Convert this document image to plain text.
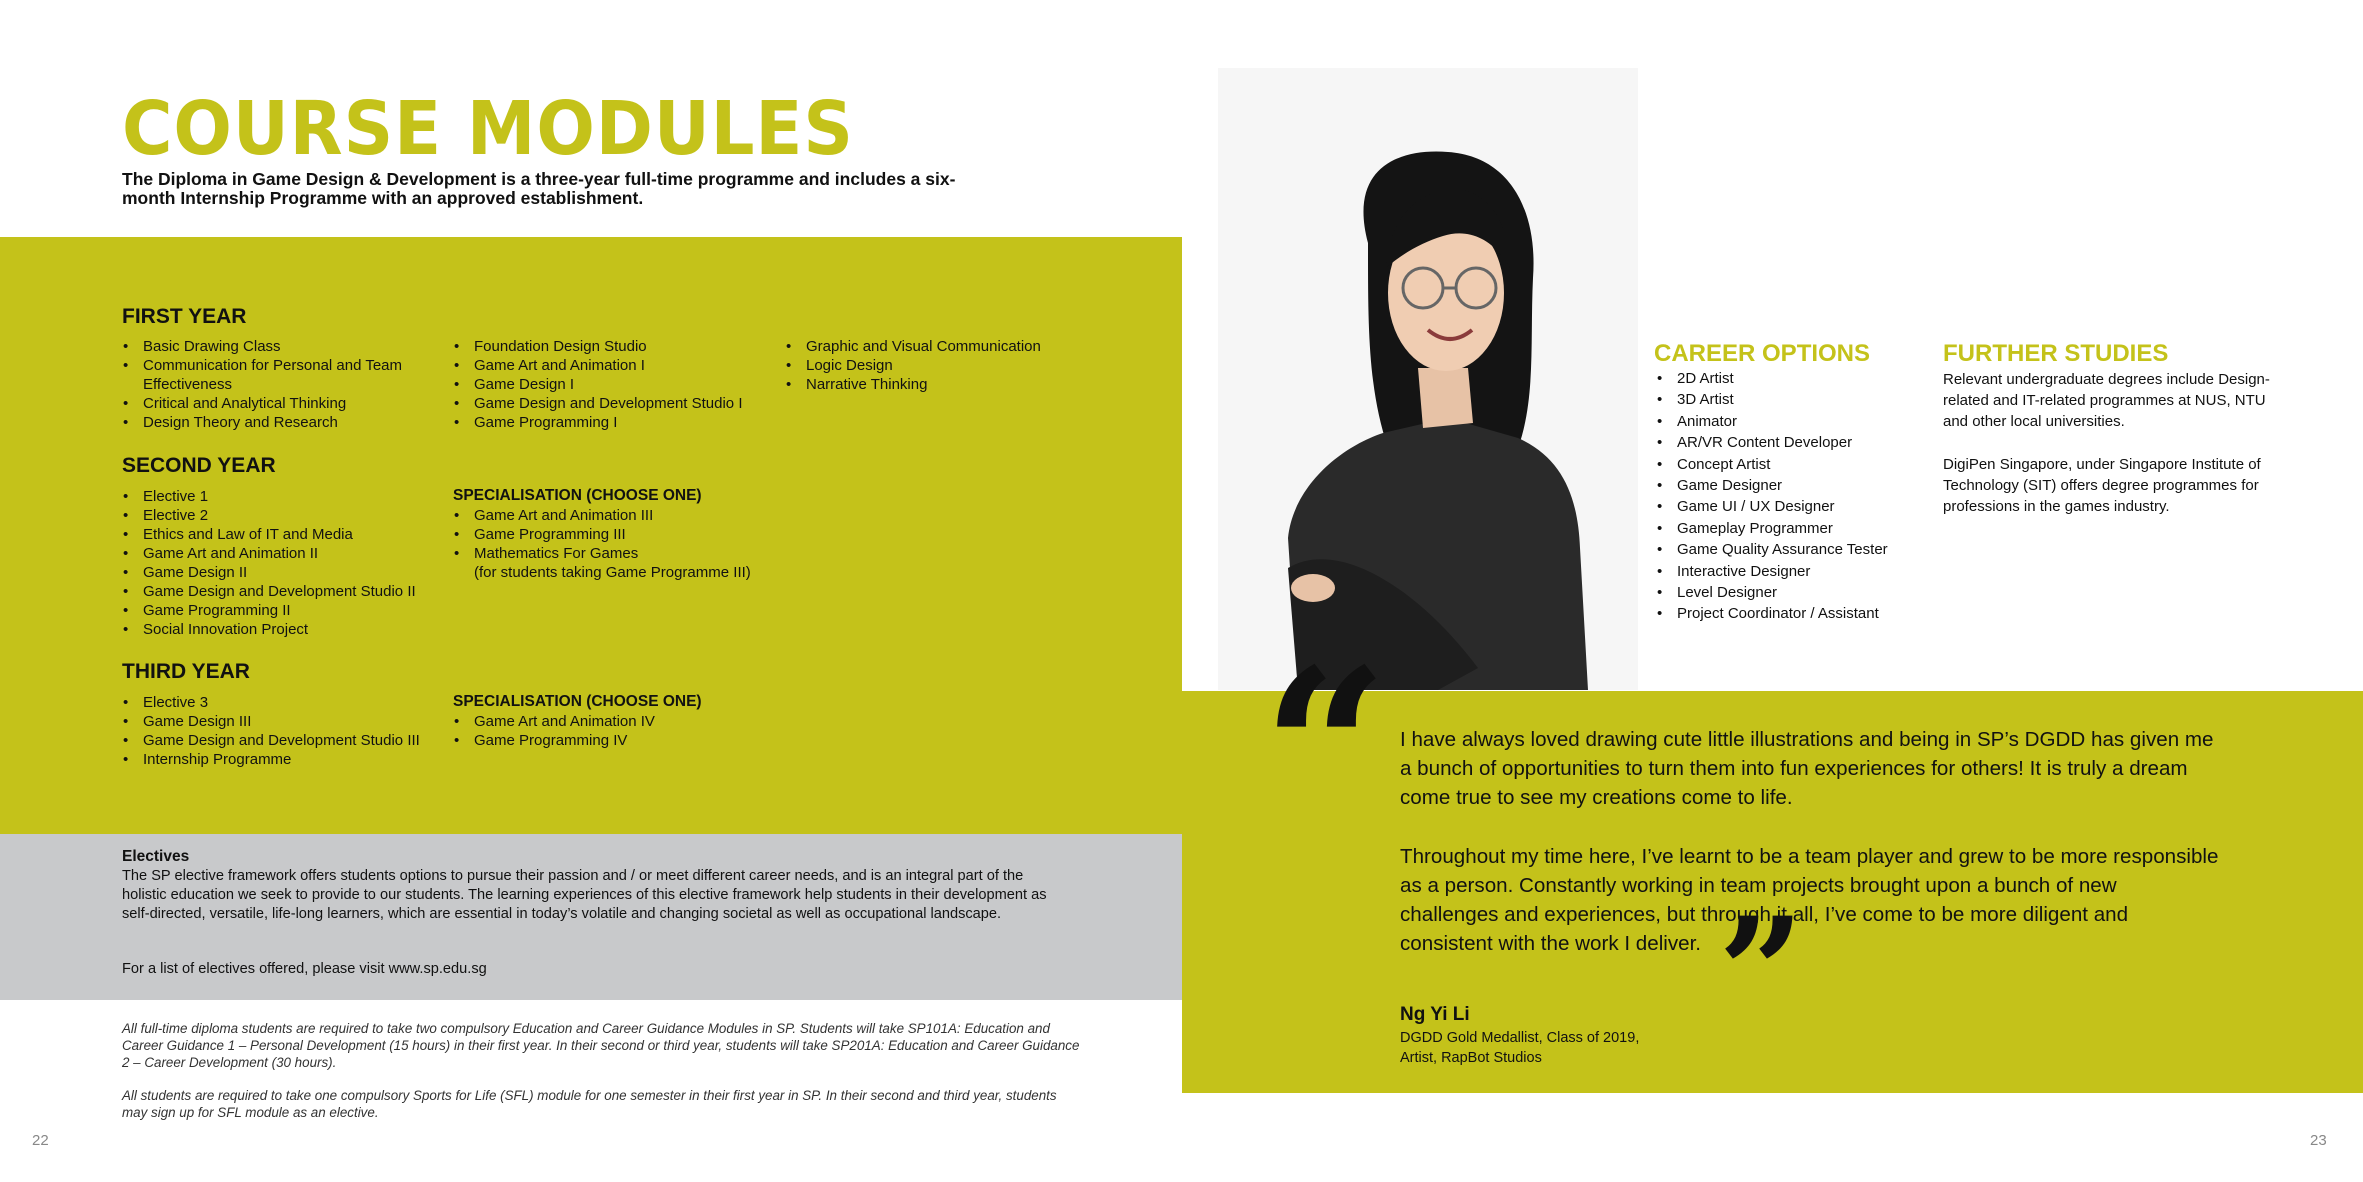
COURSE MODULES

The Diploma in Game Design & Development is a three-year full-time programme and includes a six-month Internship Programme with an approved establishment.

FIRST YEAR
• Basic Drawing Class
• Communication for Personal and Team Effectiveness
• Critical and Analytical Thinking
• Design Theory and Research
• Foundation Design Studio
• Game Art and Animation I
• Game Design I
• Game Design and Development Studio I
• Game Programming I
• Graphic and Visual Communication
• Logic Design
• Narrative Thinking
SECOND YEAR
• Elective 1
• Elective 2
• Ethics and Law of IT and Media
• Game Art and Animation II
• Game Design II
• Game Design and Development Studio II
• Game Programming II
• Social Innovation Project
SPECIALISATION (CHOOSE ONE)
• Game Art and Animation III
• Game Programming III
• Mathematics For Games
(for students taking Game Programme III)
THIRD YEAR
• Elective 3
• Game Design III
• Game Design and Development Studio III
• Internship Programme
SPECIALISATION (CHOOSE ONE)
• Game Art and Animation IV
• Game Programming IV
Electives

The SP elective framework offers students options to pursue their passion and / or meet different career needs, and is an integral part of the holistic education we seek to provide to our students. The learning experiences of this elective framework help students in their development as self-directed, versatile, life-long learners, which are essential in today’s volatile and changing societal as well as occupational landscape.

For a list of electives offered, please visit www.sp.edu.sg

All full-time diploma students are required to take two compulsory Education and Career Guidance Modules in SP. Students will take SP101A: Education and Career Guidance 1 – Personal Development (15 hours) in their first year. In their second or third year, students will take SP201A: Education and Career Guidance 2 – Career Development (30 hours).

All students are required to take one compulsory Sports for Life (SFL) module for one semester in their first year in SP. In their second and third year, students may sign up for SFL module as an elective.

22
CAREER OPTIONS
• 2D Artist
• 3D Artist
• Animator
• AR/VR Content Developer
• Concept Artist
• Game Designer
• Game UI / UX Designer
• Gameplay Programmer
• Game Quality Assurance Tester
• Interactive Designer
• Level Designer
• Project Coordinator / Assistant
FURTHER STUDIES

Relevant undergraduate degrees include Design-related and IT-related programmes at NUS, NTU and other local universities.

DigiPen Singapore, under Singapore Institute of Technology (SIT) offers degree programmes for professions in the games industry.

“ I have always loved drawing cute little illustrations and being in SP’s DGDD has given me a bunch of opportunities to turn them into fun experiences for others! It is truly a dream come true to see my creations come to life.

Throughout my time here, I’ve learnt to be a team player and grew to be more responsible as a person. Constantly working in team projects brought upon a bunch of new challenges and experiences, but through it all, I’ve come to be more diligent and consistent with the work I deliver. ”

Ng Yi Li

DGDD Gold Medallist, Class of 2019,
Artist, RapBot Studios
23
